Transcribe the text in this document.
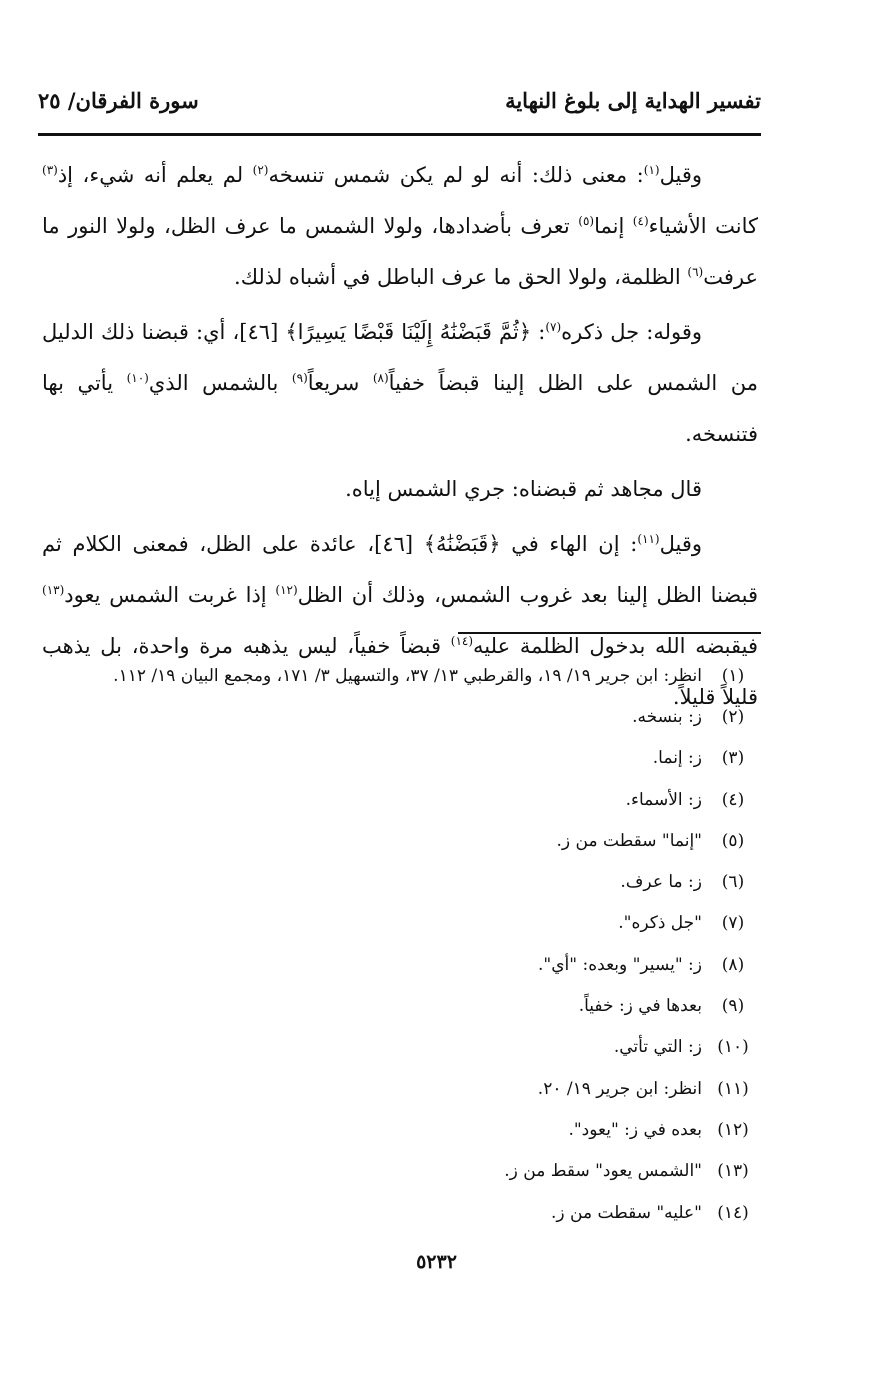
تفسير الهداية إلى بلوغ النهاية
سورة الفرقان/ ٢٥

وقيل$^{(١)}$: معنى ذلك: أنه لو لم يكن شمس تنسخه$^{(٢)}$ لم يعلم أنه شيء، إذ$^{(٣)}$ كانت الأشياء$^{(٤)}$ إنما$^{(٥)}$ تعرف بأضدادها، ولولا الشمس ما عرف الظل، ولولا النور ما عرفت$^{(٦)}$ الظلمة، ولولا الحق ما عرف الباطل في أشباه لذلك.

وقوله: جل ذكره$^{(٧)}$: ﴿ثُمَّ قَبَضْنَٰهُ إِلَيْنَا قَبْضًا يَسِيرًا﴾ [٤٦]، أي: قبضنا ذلك الدليل من الشمس على الظل إلينا قبضاً خفياً$^{(٨)}$ سريعاً$^{(٩)}$ بالشمس الذي$^{(١٠)}$ يأتي بها فتنسخه.

قال مجاهد ثم قبضناه: جري الشمس إياه.

وقيل$^{(١١)}$: إن الهاء في ﴿قَبَضْنَٰهُ﴾ [٤٦]، عائدة على الظل، فمعنى الكلام ثم قبضنا الظل إلينا بعد غروب الشمس، وذلك أن الظل$^{(١٢)}$ إذا غربت الشمس يعود$^{(١٣)}$ فيقبضه الله بدخول الظلمة عليه$^{(١٤)}$ قبضاً خفياً، ليس يذهبه مرة واحدة، بل يذهب قليلاً قليلاً.

(١)
انظر: ابن جرير ١٩/ ١٩، والقرطبي ١٣/ ٣٧، والتسهيل ٣/ ١٧١، ومجمع البيان ١٩/ ١١٢.
(٢)
ز: بنسخه.
(٣)
ز: إنما.
(٤)
ز: الأسماء.
(٥)
"إنما" سقطت من ز.
(٦)
ز: ما عرف.
(٧)
"جل ذكره".
(٨)
ز: "يسير" وبعده: "أي".
(٩)
بعدها في ز: خفياً.
(١٠)
ز: التي تأتي.
(١١)
انظر: ابن جرير ١٩/ ٢٠.
(١٢)
بعده في ز: "يعود".
(١٣)
"الشمس يعود" سقط من ز.
(١٤)
"عليه" سقطت من ز.
٥٢٣٢
